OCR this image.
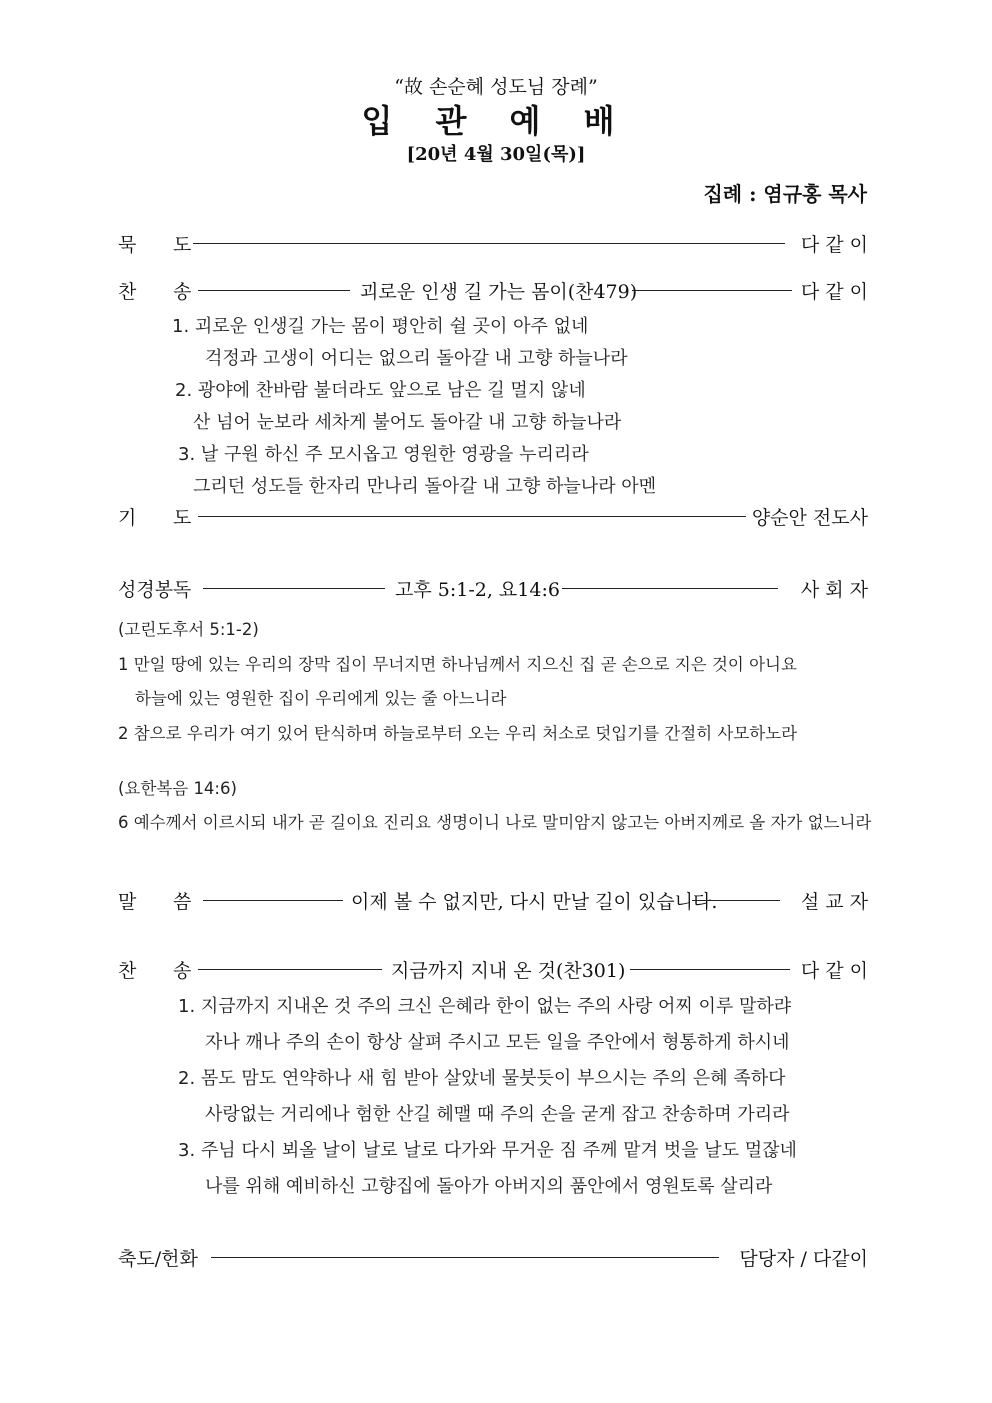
“故 손순혜 성도님 장례”
입 관 예 배
[20년 4월 30일(목)]
집례 : 염규홍 목사
묵 도	다 같 이
찬 송	괴로운 인생 길 가는 몸이(찬479)	다 같 이
1. 괴로운 인생길 가는 몸이 평안히 쉴 곳이 아주 없네
걱정과 고생이 어디는 없으리 돌아갈 내 고향 하늘나라
2. 광야에 찬바람 불더라도 앞으로 남은 길 멀지 않네
산 넘어 눈보라 세차게 불어도 돌아갈 내 고향 하늘나라
3. 날 구원 하신 주 모시옵고 영원한 영광을 누리리라
그리던 성도들 한자리 만나리 돌아갈 내 고향 하늘나라 아멘
기 도	양순안 전도사
성경봉독	고후 5:1-2, 요14:6	사 회 자
(고린도후서 5:1-2)
1 만일 땅에 있는 우리의 장막 집이 무너지면 하나님께서 지으신 집 곧 손으로 지은 것이 아니요
하늘에 있는 영원한 집이 우리에게 있는 줄 아느니라
2 참으로 우리가 여기 있어 탄식하며 하늘로부터 오는 우리 처소로 덧입기를 간절히 사모하노라
(요한복음 14:6)
6 예수께서 이르시되 내가 곧 길이요 진리요 생명이니 나로 말미암지 않고는 아버지께로 올 자가 없느니라
말 씀	이제 볼 수 없지만, 다시 만날 길이 있습니다.	설 교 자
찬 송	지금까지 지내 온 것(찬301)	다 같 이
1. 지금까지 지내온 것 주의 크신 은혜라 한이 없는 주의 사랑 어찌 이루 말하랴
자나 깨나 주의 손이 항상 살펴 주시고 모든 일을 주안에서 형통하게 하시네
2. 몸도 맘도 연약하나 새 힘 받아 살았네 물붓듯이 부으시는 주의 은혜 족하다
사랑없는 거리에나 험한 산길 헤맬 때 주의 손을 굳게 잡고 찬송하며 가리라
3. 주님 다시 뵈올 날이 날로 날로 다가와 무거운 짐 주께 맡겨 벗을 날도 멀잖네
나를 위해 예비하신 고향집에 돌아가 아버지의 품안에서 영원토록 살리라
축도/헌화	담당자 / 다같이
